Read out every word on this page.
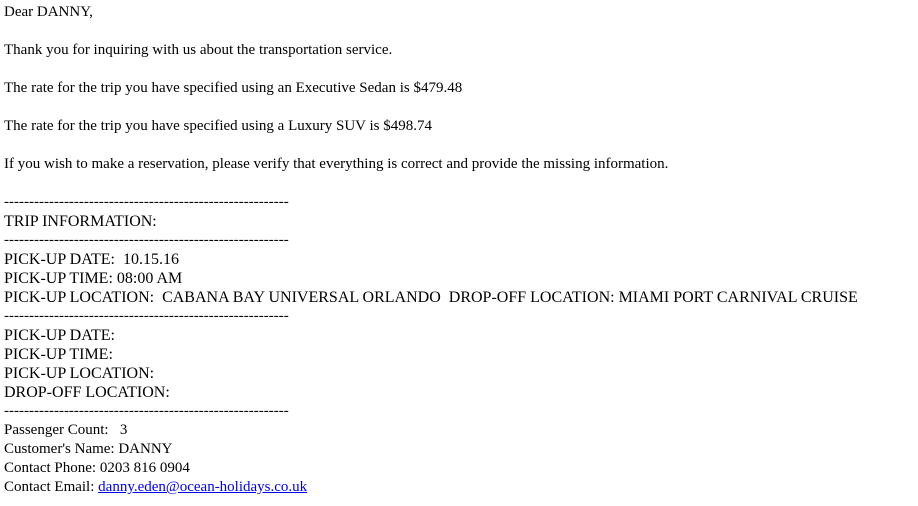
Dear DANNY,
Thank you for inquiring with us about the transportation service.
The rate for the trip you have specified using an Executive Sedan is $479.48
The rate for the trip you have specified using a Luxury SUV is $498.74
If you wish to make a reservation, please verify that everything is correct and provide the missing information.
---------------------------------------------------------
TRIP INFORMATION:
---------------------------------------------------------
PICK-UP DATE:  10.15.16
PICK-UP TIME: 08:00 AM
PICK-UP LOCATION:  CABANA BAY UNIVERSAL ORLANDO  DROP-OFF LOCATION: MIAMI PORT CARNIVAL CRUISE
---------------------------------------------------------
PICK-UP DATE:
PICK-UP TIME:
PICK-UP LOCATION:
DROP-OFF LOCATION:
---------------------------------------------------------
Passenger Count:   3
Customer's Name: DANNY
Contact Phone: 0203 816 0904
Contact Email: danny.eden@ocean-holidays.co.uk
